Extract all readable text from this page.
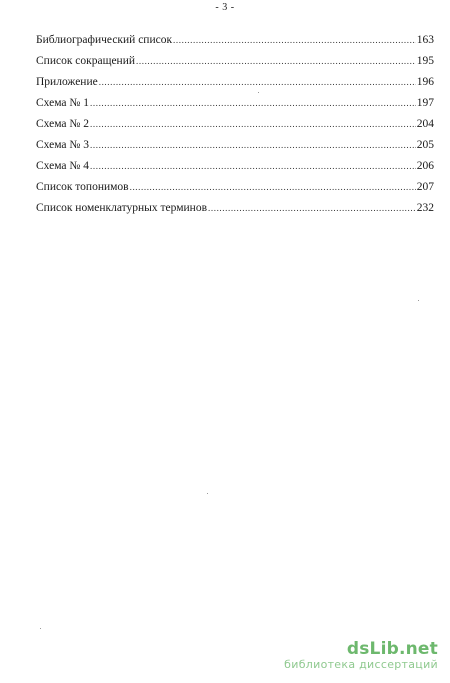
- 3 -
Библиографический список .....	163
Список сокращений .....	195
Приложение .....	196
Схема № 1 .....	197
Схема № 2 .....	204
Схема № 3 .....	205
Схема № 4 .....	206
Список топонимов .....	207
Список номенклатурных терминов .....	232
dsLib.net
библиотека диссертаций
